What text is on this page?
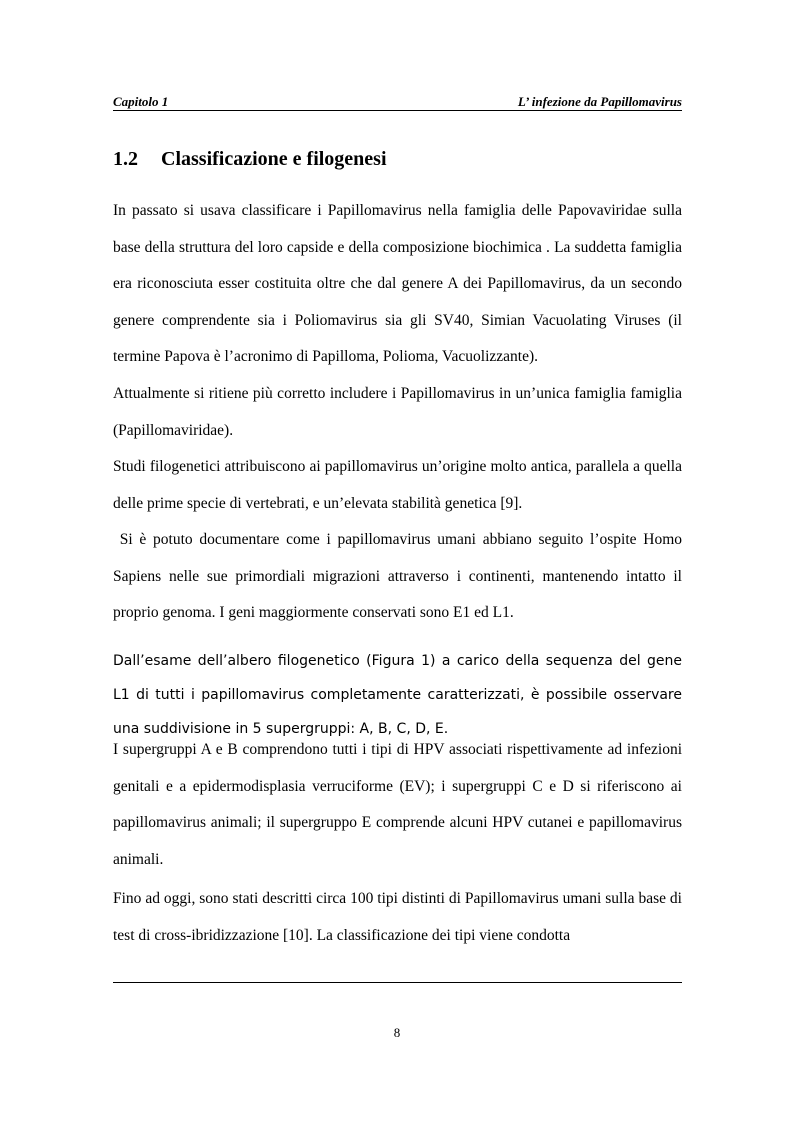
Capitolo 1	L’ infezione da Papillomavirus
1.2 Classificazione e filogenesi

In passato si usava classificare i Papillomavirus nella famiglia delle Papovaviridae sulla base della struttura del loro capside e della composizione biochimica . La suddetta famiglia era riconosciuta esser costituita oltre che dal genere A dei Papillomavirus, da un secondo genere comprendente sia i Poliomavirus sia gli SV40, Simian Vacuolating Viruses (il termine Papova è l’acronimo di Papilloma, Polioma, Vacuolizzante).

Attualmente si ritiene più corretto includere i Papillomavirus in un’unica famiglia famiglia (Papillomaviridae).

Studi filogenetici attribuiscono ai papillomavirus un’origine molto antica, parallela a quella delle prime specie di vertebrati, e un’elevata stabilità genetica [9].

Si è potuto documentare come i papillomavirus umani abbiano seguito l’ospite Homo Sapiens nelle sue primordiali migrazioni attraverso i continenti, mantenendo intatto il proprio genoma. I geni maggiormente conservati sono E1 ed L1.

Dall’esame dell’albero filogenetico (Figura 1) a carico della sequenza del gene L1 di tutti i papillomavirus completamente caratterizzati, è possibile osservare una suddivisione in 5 supergruppi: A, B, C, D, E.

I supergruppi A e B comprendono tutti i tipi di HPV associati rispettivamente ad infezioni genitali e a epidermodisplasia verruciforme (EV); i supergruppi C e D si riferiscono ai papillomavirus animali; il supergruppo E comprende alcuni HPV cutanei e papillomavirus animali.

Fino ad oggi, sono stati descritti circa 100 tipi distinti di Papillomavirus umani sulla base di test di cross-ibridizzazione [10]. La classificazione dei tipi viene condotta

8
